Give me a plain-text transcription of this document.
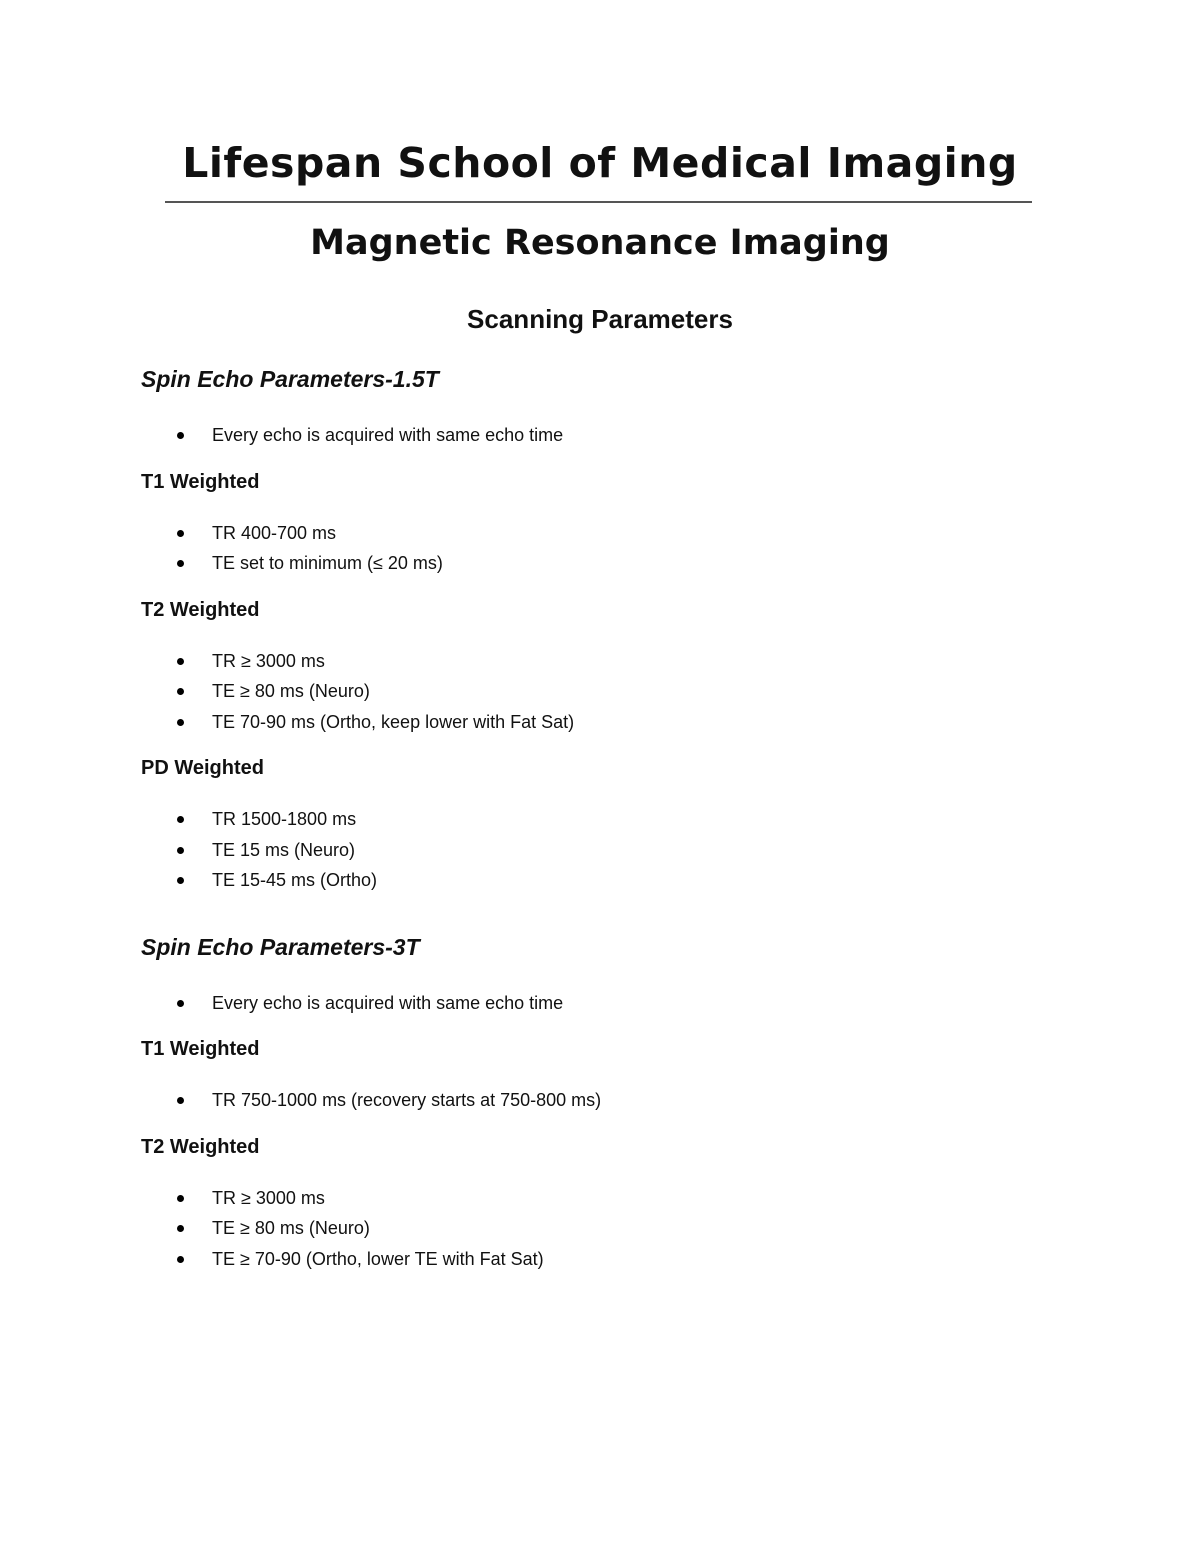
Lifespan School of Medical Imaging
Magnetic Resonance Imaging
Scanning Parameters

Spin Echo Parameters-1.5T

Every echo is acquired with same echo time

T1 Weighted

TR 400-700 ms
TE set to minimum (≤ 20 ms)

T2 Weighted

TR ≥ 3000 ms
TE ≥ 80 ms (Neuro)
TE 70-90 ms (Ortho, keep lower with Fat Sat)

PD Weighted

TR 1500-1800 ms
TE 15 ms (Neuro)
TE 15-45 ms (Ortho)

Spin Echo Parameters-3T

Every echo is acquired with same echo time

T1 Weighted

TR 750-1000 ms (recovery starts at 750-800 ms)

T2 Weighted

TR ≥ 3000 ms
TE ≥ 80 ms (Neuro)
TE ≥ 70-90 (Ortho, lower TE with Fat Sat)
